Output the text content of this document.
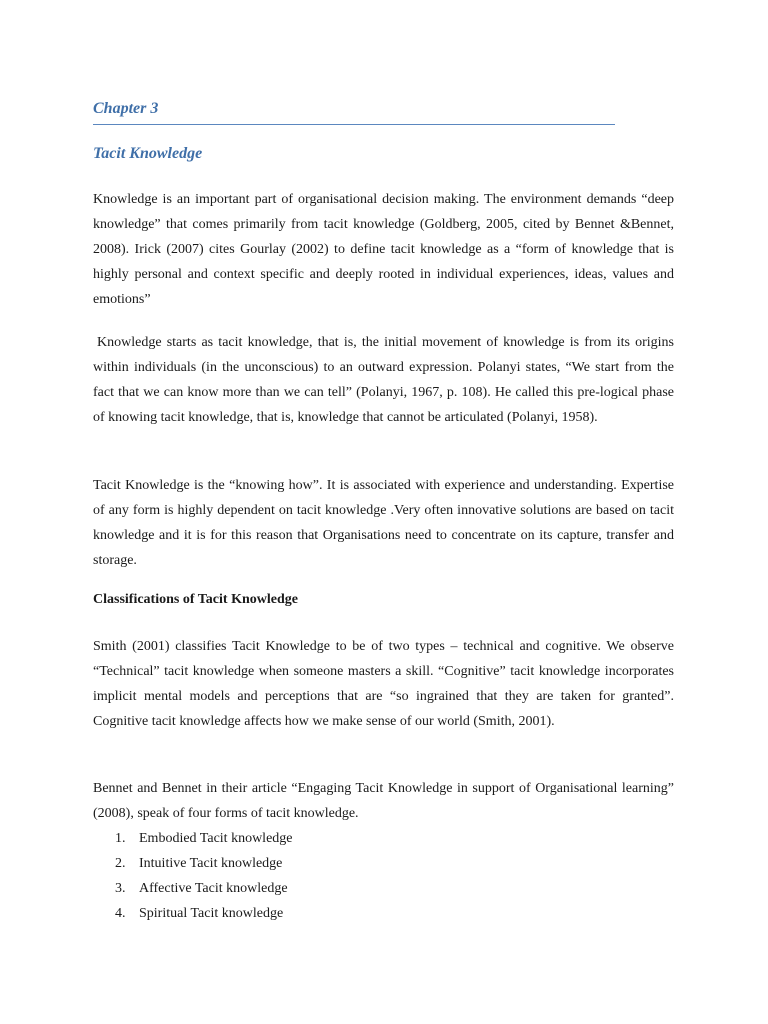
Chapter 3
Tacit Knowledge

Knowledge is an important part of organisational decision making. The environment demands “deep knowledge” that comes primarily from tacit knowledge (Goldberg, 2005, cited by Bennet &Bennet, 2008). Irick (2007) cites Gourlay (2002) to define tacit knowledge as a “form of knowledge that is highly personal and context specific and deeply rooted in individual experiences, ideas, values and emotions”

Knowledge starts as tacit knowledge, that is, the initial movement of knowledge is from its origins within individuals (in the unconscious) to an outward expression. Polanyi states, “We start from the fact that we can know more than we can tell” (Polanyi, 1967, p. 108). He called this pre-logical phase of knowing tacit knowledge, that is, knowledge that cannot be articulated (Polanyi, 1958).

Tacit Knowledge is the “knowing how”. It is associated with experience and understanding. Expertise of any form is highly dependent on tacit knowledge .Very often innovative solutions are based on tacit knowledge and it is for this reason that Organisations need to concentrate on its capture, transfer and storage.

Classifications of Tacit Knowledge

Smith (2001) classifies Tacit Knowledge to be of two types – technical and cognitive. We observe “Technical” tacit knowledge when someone masters a skill. “Cognitive” tacit knowledge incorporates implicit mental models and perceptions that are “so ingrained that they are taken for granted”. Cognitive tacit knowledge affects how we make sense of our world (Smith, 2001).

Bennet and Bennet in their article “Engaging Tacit Knowledge in support of Organisational learning” (2008), speak of four forms of tacit knowledge.

1. Embodied Tacit knowledge
2. Intuitive Tacit knowledge
3. Affective Tacit knowledge
4. Spiritual Tacit knowledge
